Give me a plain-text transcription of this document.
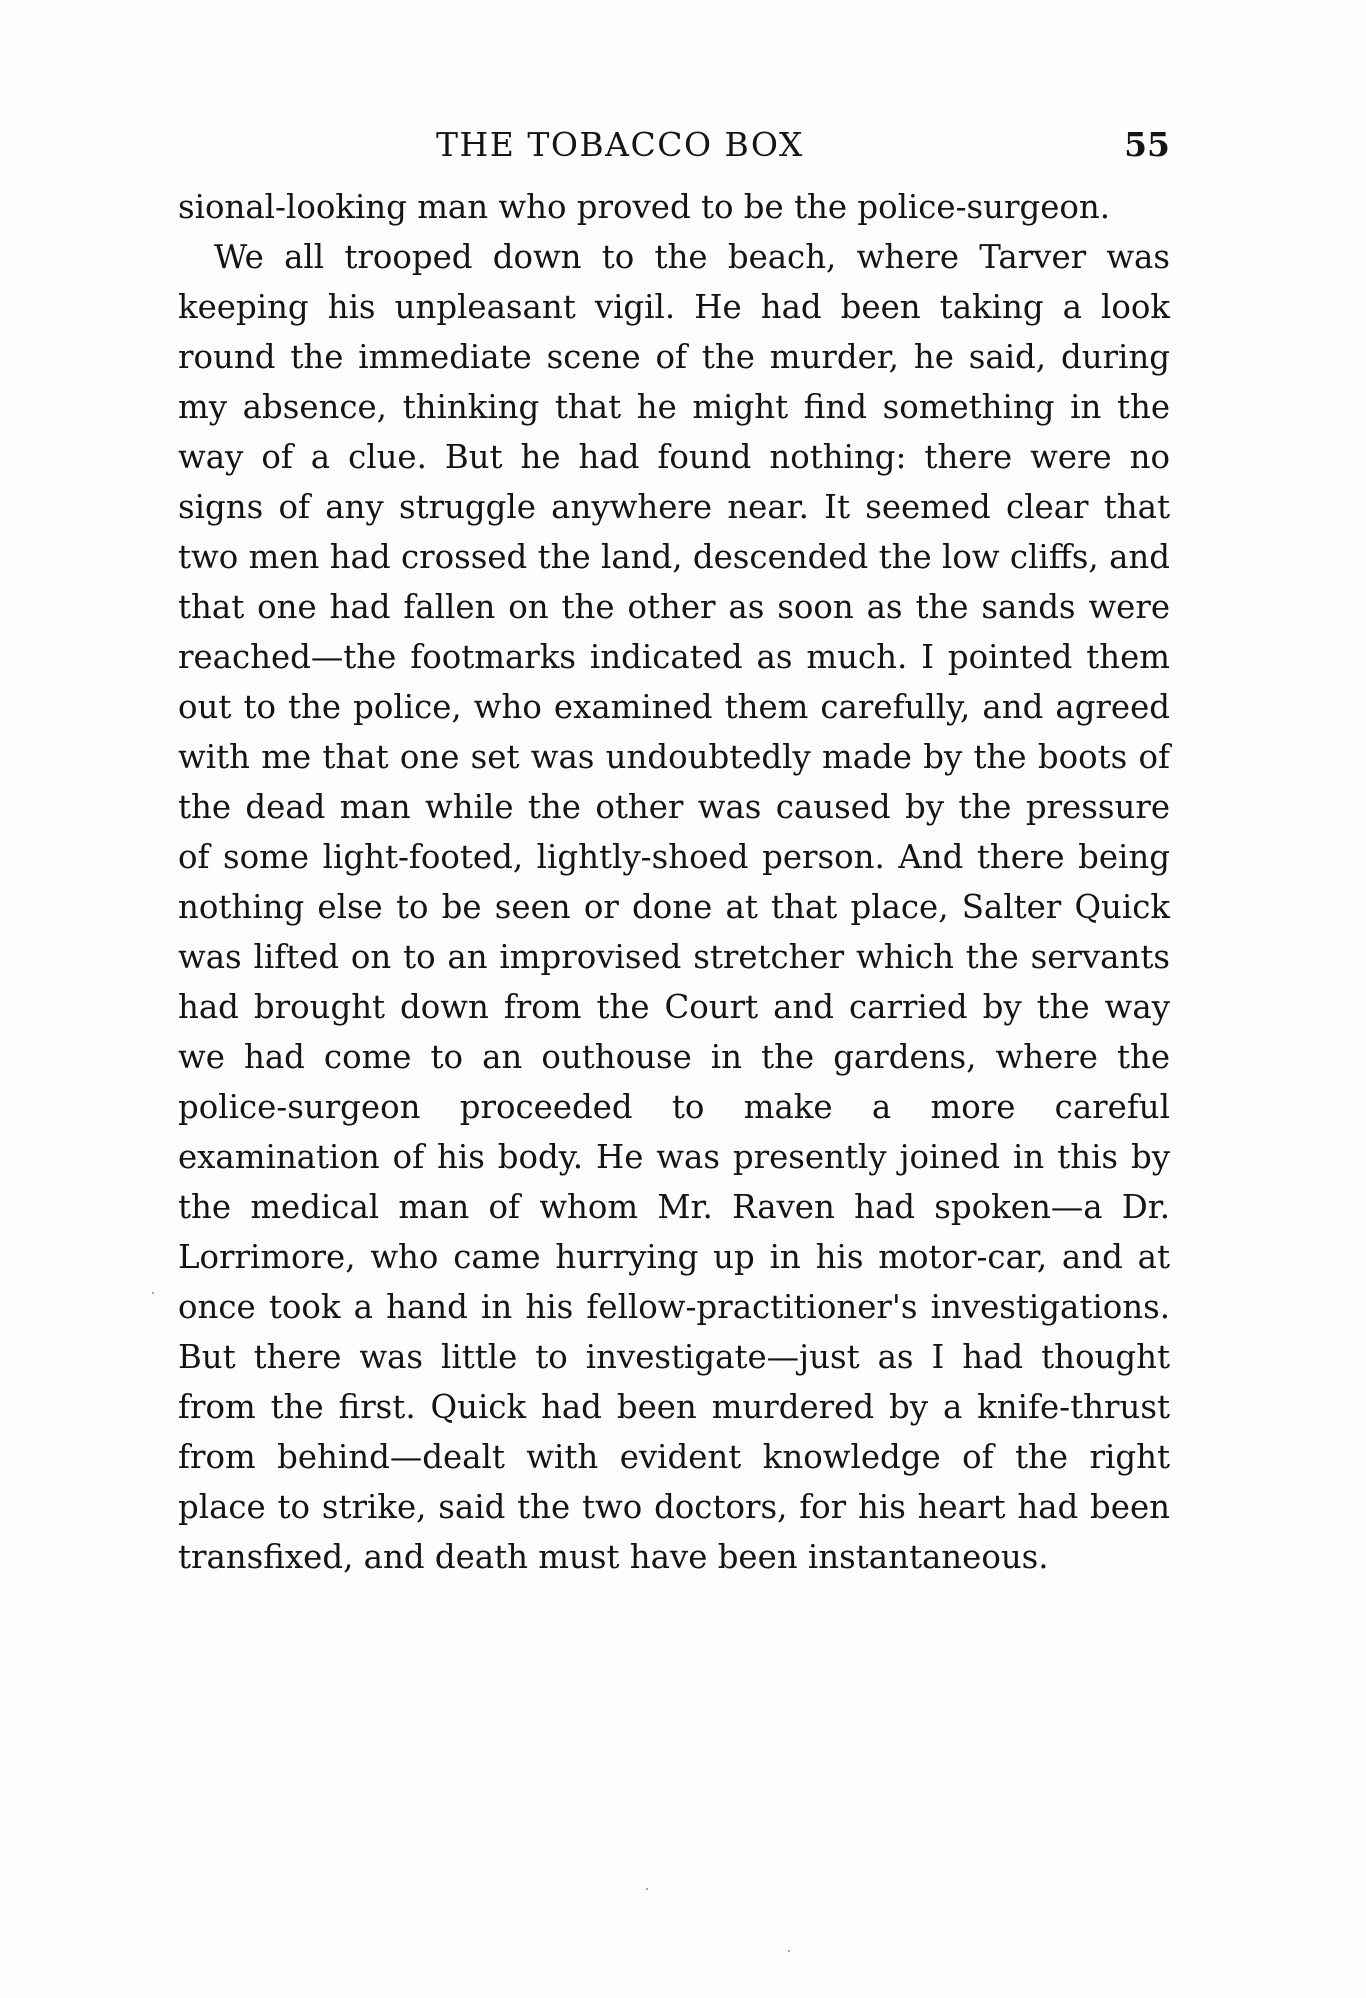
THE TOBACCO BOX	55

sional-looking man who proved to be the police-surgeon.

We all trooped down to the beach, where Tarver was keeping his unpleasant vigil. He had been taking a look round the immediate scene of the murder, he said, during my absence, thinking that he might find something in the way of a clue. But he had found nothing: there were no signs of any struggle anywhere near. It seemed clear that two men had crossed the land, descended the low cliffs, and that one had fallen on the other as soon as the sands were reached—the footmarks indicated as much. I pointed them out to the police, who examined them carefully, and agreed with me that one set was undoubtedly made by the boots of the dead man while the other was caused by the pressure of some light-footed, lightly-shoed person. And there being nothing else to be seen or done at that place, Salter Quick was lifted on to an improvised stretcher which the servants had brought down from the Court and carried by the way we had come to an outhouse in the gardens, where the police-surgeon proceeded to make a more careful examination of his body. He was presently joined in this by the medical man of whom Mr. Raven had spoken—a Dr. Lorrimore, who came hurrying up in his motor-car, and at once took a hand in his fellow-practitioner's investigations. But there was little to investigate—just as I had thought from the first. Quick had been murdered by a knife-thrust from behind—dealt with evident knowledge of the right place to strike, said the two doctors, for his heart had been transfixed, and death must have been instantaneous.
